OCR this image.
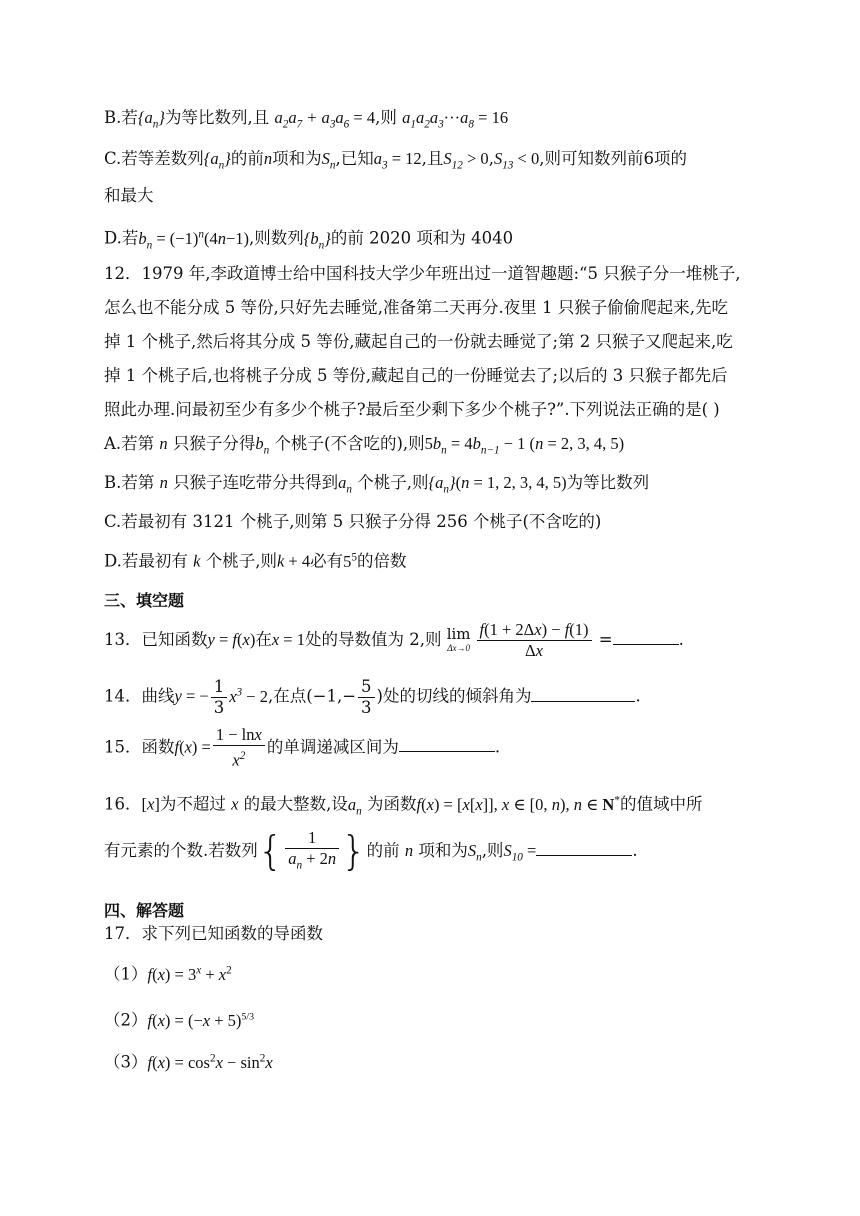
B.若$\{a_n\}$为等比数列,且 $a_2a_7 + a_3a_6 = 4$,则 $a_1a_2a_3\cdot\cdot\cdot a_8 = 16$
C.若等差数列$\{a_n\}$的前n项和为$S_n$,已知$a_3 = 12$,且$S_{12} > 0,S_{13} < 0$,则可知数列前6项的
和最大
D.若$b_n = (-1)^n(4n-1)$,则数列$\{b_n\}$的前 2020 项和为 4040
12．1979 年,李政道博士给中国科技大学少年班出过一道智趣题:“5 只猴子分一堆桃子,
怎么也不能分成 5 等份,只好先去睡觉,准备第二天再分.夜里 1 只猴子偷偷爬起来,先吃
掉 1 个桃子,然后将其分成 5 等份,藏起自己的一份就去睡觉了;第 2 只猴子又爬起来,吃
掉 1 个桃子后,也将桃子分成 5 等份,藏起自己的一份睡觉去了;以后的 3 只猴子都先后
照此办理.问最初至少有多少个桃子?最后至少剩下多少个桃子?”.下列说法正确的是( )
A.若第 n 只猴子分得$b_n$ 个桃子(不含吃的),则$5b_n = 4b_{n-1} - 1$ (n = 2, 3, 4, 5)
B.若第 n 只猴子连吃带分共得到$a_n$ 个桃子,则$\{a_n\}(n = 1$, 2, 3, 4, 5)为等比数列
C.若最初有 3121 个桃子,则第 5 只猴子分得 256 个桃子(不含吃的)
D.若最初有 k 个桃子,则k + 4必有$5^5$的倍数
三、填空题
13．已知函数y = f(x)在x = 1处的导数值为 2,则 lim
$\Delta x\to 0 \frac{f(1 + 2\Delta x) - f(1)}{\Delta x}$ =	.
14．曲线y = − $\frac{1}{3} x^3 - 2$,在点($-1,- \frac{5}{3}$ )处的切线的倾斜角为	.
15．函数$f(x) = \frac{1 - \ln x}{x^2}$ 的单调递减区间为	.
16．[x]为不超过 x 的最大整数,设$a_n$ 为函数f(x) = [x[x]], x ∈ [0, n), n ∈ N*的值域中所
有元素的个数.若数列{ $\frac{1}{a_n + 2n}$ }的前 n 项和为$S_n$,则$S_{10}$ =	.
四、解答题
17．求下列已知函数的导函数
$(1)f(x) = 3^x + x^2$
$(2)f(x) = (-x + 5)^{5/3}$
$(3)f(x) = \cos^2x - \sin^2x$
